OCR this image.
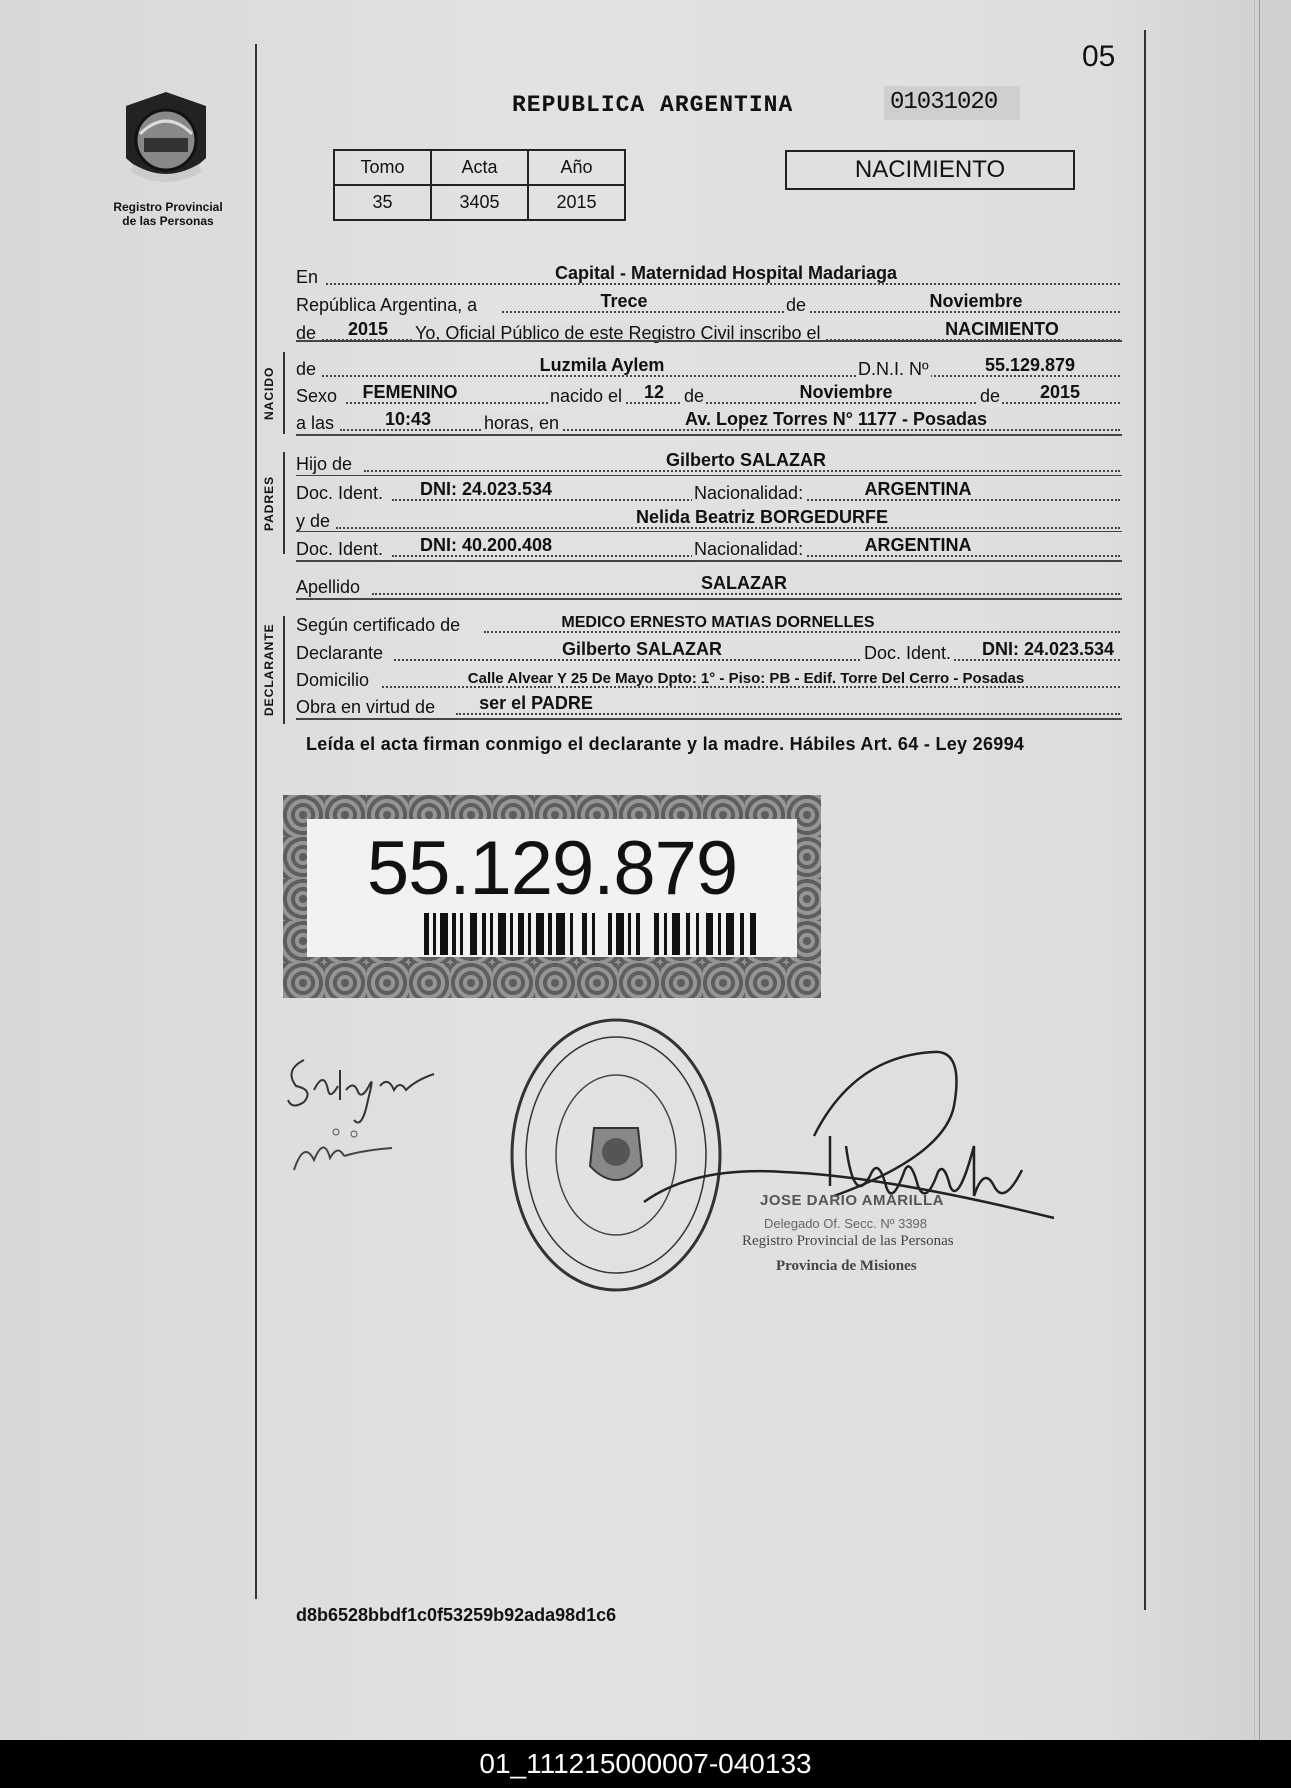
05
Registro Provincial
de las Personas
REPUBLICA ARGENTINA	01031020
Tomo	Acta	Año
35	3405	2015
NACIMIENTO
En	Capital - Maternidad Hospital Madariaga
República Argentina, a	Trece	de	Noviembre
de 2015 Yo, Oficial Público de este Registro Civil inscribo el	NACIMIENTO
NACIDO de	Luzmila Aylem	D.N.I. Nº	55.129.879
Sexo FEMENINO	nacido el 12 de	Noviembre	de 2015
a las	10:43	horas, en	Av. Lopez Torres N° 1177 - Posadas
PADRES
Hijo de	Gilberto SALAZAR
Doc. Ident. DNI: 24.023.534	Nacionalidad:	ARGENTINA
y de	Nelida Beatriz BORGEDURFE
Doc. Ident. DNI: 40.200.408	Nacionalidad:	ARGENTINA
Apellido	SALAZAR
DECLARANTE Según certificado de	MEDICO ERNESTO MATIAS DORNELLES
Declarante	Gilberto SALAZAR	Doc. Ident. DNI: 24.023.534
Domicilio	Calle Alvear Y 25 De Mayo Dpto: 1° - Piso: PB - Edif. Torre Del Cerro - Posadas
Obra en virtud de ser el PADRE
Leída el acta firman conmigo el declarante y la madre. Hábiles Art. 64 - Ley 26994
55.129.879
JOSE DARIO AMARILLA
Delegado Of. Secc. Nº 3398
Registro Provincial de las Personas
Provincia de Misiones
d8b6528bbdf1c0f53259b92ada98d1c6
01_111215000007-040133
